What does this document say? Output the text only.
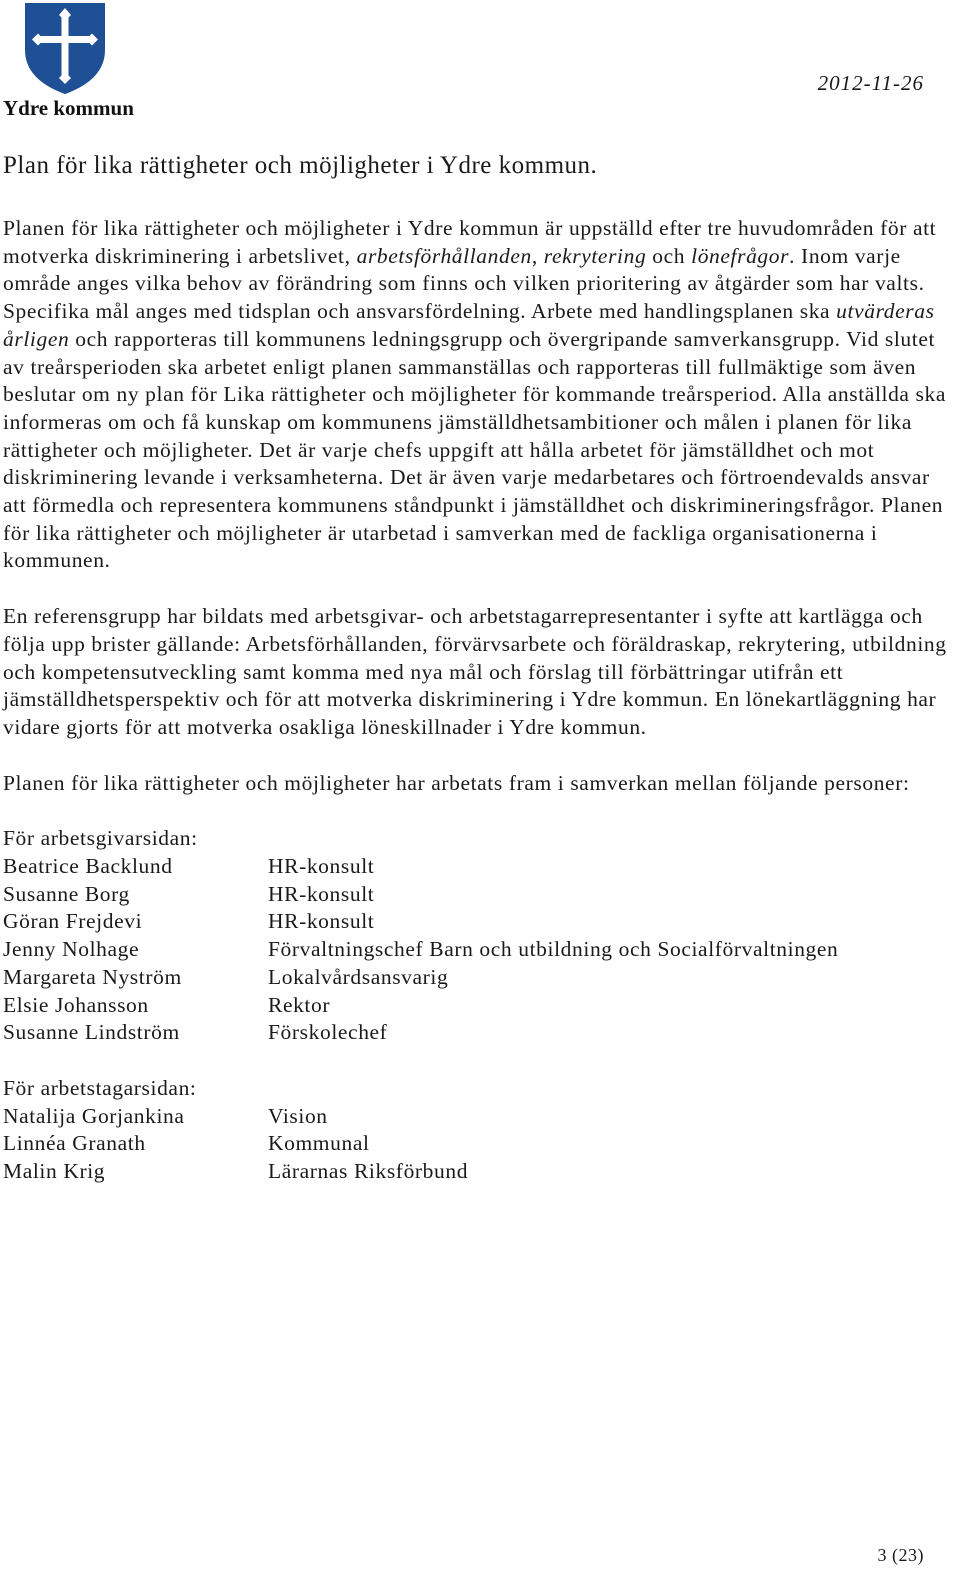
Ydre kommun
2012-11-26
Plan för lika rättigheter och möjligheter i Ydre kommun.

Planen för lika rättigheter och möjligheter i Ydre kommun är uppställd efter tre huvudområden för att motverka diskriminering i arbetslivet, arbetsförhållanden, rekrytering och lönefrågor. Inom varje område anges vilka behov av förändring som finns och vilken prioritering av åtgärder som har valts. Specifika mål anges med tidsplan och ansvarsfördelning. Arbete med handlingsplanen ska utvärderas årligen och rapporteras till kommunens ledningsgrupp och övergripande samverkansgrupp. Vid slutet av treårsperioden ska arbetet enligt planen sammanställas och rapporteras till fullmäktige som även beslutar om ny plan för Lika rättigheter och möjligheter för kommande treårsperiod. Alla anställda ska informeras om och få kunskap om kommunens jämställdhetsambitioner och målen i planen för lika rättigheter och möjligheter. Det är varje chefs uppgift att hålla arbetet för jämställdhet och mot diskriminering levande i verksamheterna. Det är även varje medarbetares och förtroendevalds ansvar att förmedla och representera kommunens ståndpunkt i jämställdhet och diskrimineringsfrågor. Planen för lika rättigheter och möjligheter är utarbetad i samverkan med de fackliga organisationerna i kommunen.

En referensgrupp har bildats med arbetsgivar- och arbetstagarrepresentanter i syfte att kartlägga och följa upp brister gällande: Arbetsförhållanden, förvärvsarbete och föräldraskap, rekrytering, utbildning och kompetensutveckling samt komma med nya mål och förslag till förbättringar utifrån ett jämställdhetsperspektiv och för att motverka diskriminering i Ydre kommun. En lönekartläggning har vidare gjorts för att motverka osakliga löneskillnader i Ydre kommun.

Planen för lika rättigheter och möjligheter har arbetats fram i samverkan mellan följande personer:

För arbetsgivarsidan:
Beatrice Backlund	HR-konsult
Susanne Borg	HR-konsult
Göran Frejdevi	HR-konsult
Jenny Nolhage	Förvaltningschef Barn och utbildning och Socialförvaltningen
Margareta Nyström	Lokalvårdsansvarig
Elsie Johansson	Rektor
Susanne Lindström	Förskolechef
För arbetstagarsidan:
Natalija Gorjankina	Vision
Linnéa Granath	Kommunal
Malin Krig	Lärarnas Riksförbund
3 (23)
